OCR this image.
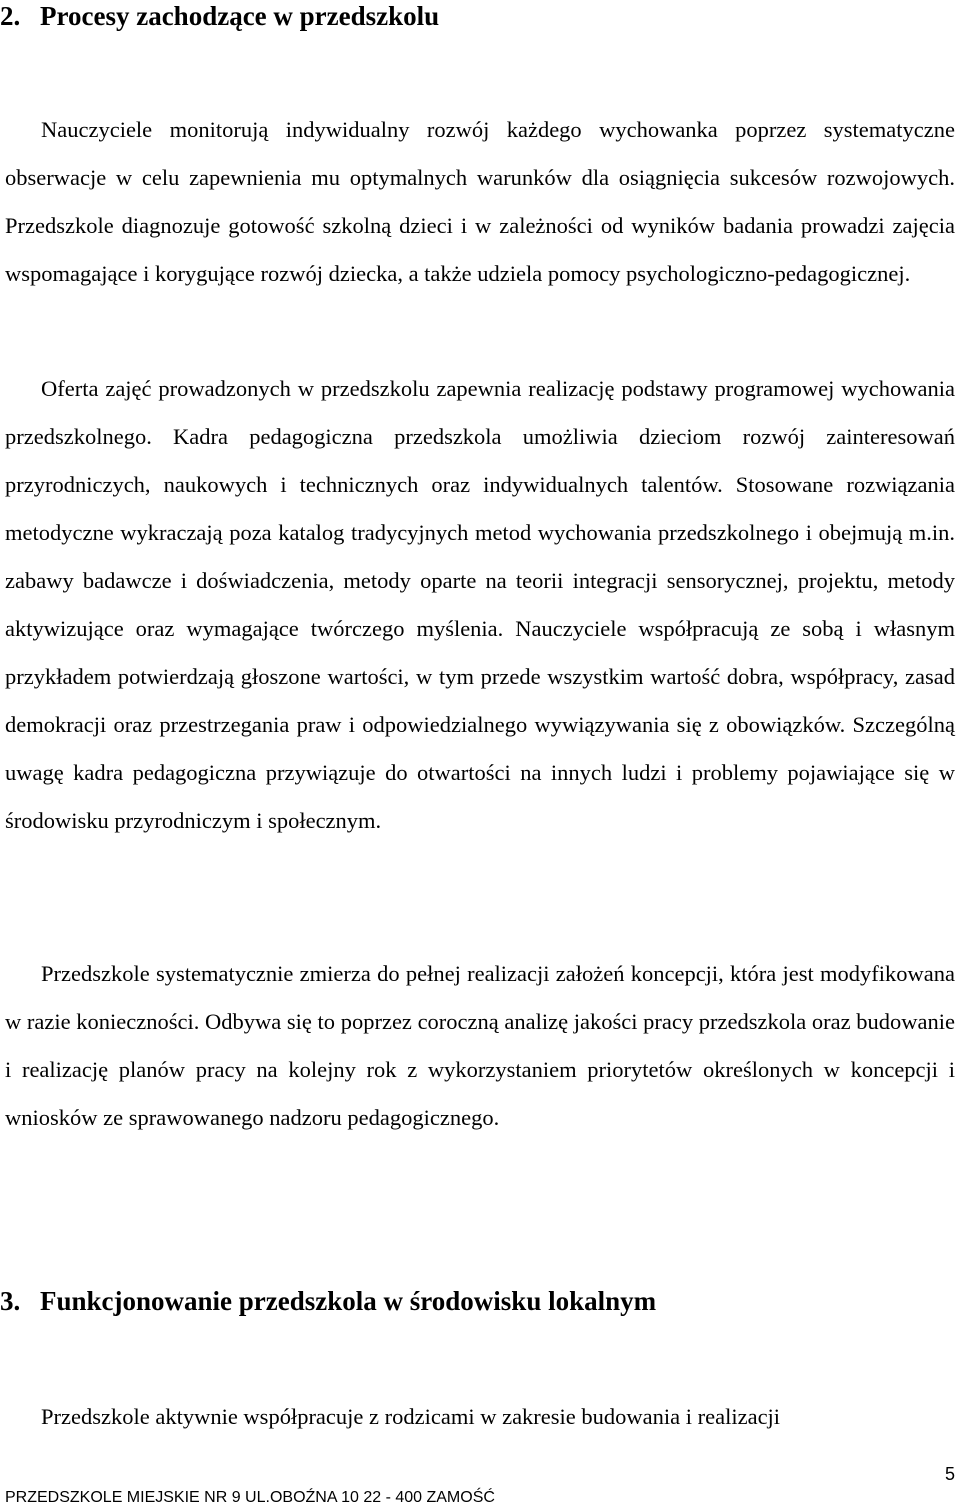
2. Procesy zachodzące w przedszkolu

Nauczyciele monitorują indywidualny rozwój każdego wychowanka poprzez systematyczne obserwacje w celu zapewnienia mu optymalnych warunków dla osiągnięcia sukcesów rozwojowych. Przedszkole diagnozuje gotowość szkolną dzieci i w zależności od wyników badania prowadzi zajęcia wspomagające i korygujące rozwój dziecka, a także udziela pomocy psychologiczno-pedagogicznej.

Oferta zajęć prowadzonych w przedszkolu zapewnia realizację podstawy programowej wychowania przedszkolnego. Kadra pedagogiczna przedszkola umożliwia dzieciom rozwój zainteresowań przyrodniczych, naukowych i technicznych oraz indywidualnych talentów. Stosowane rozwiązania metodyczne wykraczają poza katalog tradycyjnych metod wychowania przedszkolnego i obejmują m.in. zabawy badawcze i doświadczenia, metody oparte na teorii integracji sensorycznej, projektu, metody aktywizujące oraz wymagające twórczego myślenia. Nauczyciele współpracują ze sobą i własnym przykładem potwierdzają głoszone wartości, w tym przede wszystkim wartość dobra, współpracy, zasad demokracji oraz przestrzegania praw i odpowiedzialnego wywiązywania się z obowiązków. Szczególną uwagę kadra pedagogiczna przywiązuje do otwartości na innych ludzi i problemy pojawiające się w środowisku przyrodniczym i społecznym.

Przedszkole systematycznie zmierza do pełnej realizacji założeń koncepcji, która jest modyfikowana w razie konieczności. Odbywa się to poprzez coroczną analizę jakości pracy przedszkola oraz budowanie i realizację planów pracy na kolejny rok z wykorzystaniem priorytetów określonych w koncepcji i wniosków ze sprawowanego nadzoru pedagogicznego.

3. Funkcjonowanie przedszkola w środowisku lokalnym

Przedszkole aktywnie współpracuje z rodzicami w zakresie budowania i realizacji

5
PRZEDSZKOLE MIEJSKIE NR 9 UL.OBOŹNA 10 22 - 400 ZAMOŚĆ
